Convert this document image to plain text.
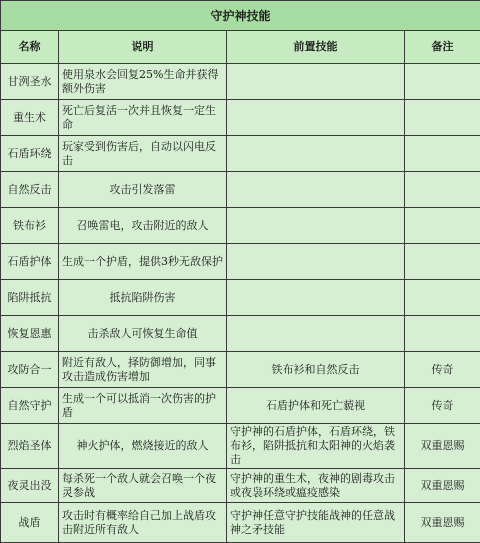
守护神技能			
名称	说明	前置技能	备注
甘洌圣水	使用泉水会回复25%生命并获得额外伤害		
重生术	死亡后复活一次并且恢复一定生命		
石盾环绕	玩家受到伤害后，自动以闪电反击		
自然反击	攻击引发落雷		
铁布衫	召唤雷电，攻击附近的敌人		
石盾护体	生成一个护盾，提供3秒无敌保护		
陷阱抵抗	抵抗陷阱伤害		
恢复恩惠	击杀敌人可恢复生命值		
攻防合一	附近有敌人，择防御增加，同事攻击造成伤害增加	铁布衫和自然反击	传奇
自然守护	生成一个可以抵消一次伤害的护盾	石盾护体和死亡藐视	传奇
烈焰圣体	神火护体，燃烧接近的敌人	守护神的石盾护体，石盾环绕，铁布衫，陷阱抵抗和太阳神的火焰袭击	双重恩赐
夜灵出没	每杀死一个敌人就会召唤一个夜灵参战	守护神的重生术，夜神的剧毒攻击或夜袅环绕或瘟疫感染	双重恩赐
战盾	攻击时有概率给自己加上战盾攻击附近所有敌人	守护神任意守护技能战神的任意战神之矛技能	双重恩赐
